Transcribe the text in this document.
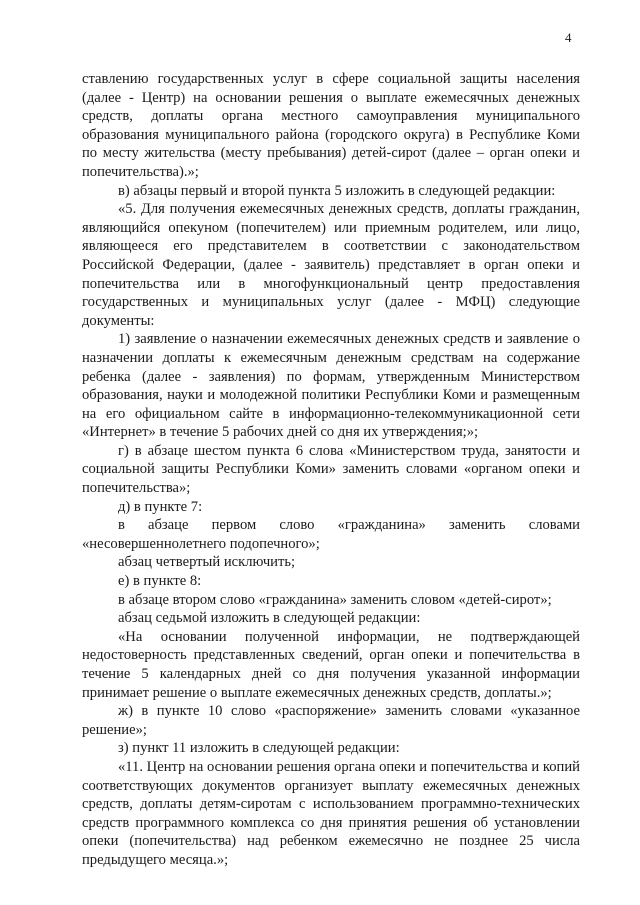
4

ставлению государственных услуг в сфере социальной защиты населения (далее - Центр) на основании решения о выплате ежемесячных денежных средств, доплаты органа местного самоуправления муниципального образования муниципального района (городского округа) в Республике Коми по месту жительства (месту пребывания) детей-сирот (далее – орган опеки и попечительства).»;

в) абзацы первый и второй пункта 5 изложить в следующей редакции:

«5. Для получения ежемесячных денежных средств, доплаты гражданин, являющийся опекуном (попечителем) или приемным родителем, или лицо, являющееся его представителем в соответствии с законодательством Российской Федерации, (далее - заявитель) представляет в орган опеки и попечительства или в многофункциональный центр предоставления государственных и муниципальных услуг (далее - МФЦ) следующие документы:

1) заявление о назначении ежемесячных денежных средств и заявление о назначении доплаты к ежемесячным денежным средствам на содержание ребенка (далее - заявления) по формам, утвержденным Министерством образования, науки и молодежной политики Республики Коми и размещенным на его официальном сайте в информационно-телекоммуникационной сети «Интернет» в течение 5 рабочих дней со дня их утверждения;»;

г) в абзаце шестом пункта 6 слова «Министерством труда, занятости и социальной защиты Республики Коми» заменить словами «органом опеки и попечительства»;

д) в пункте 7:

в абзаце первом слово «гражданина» заменить словами «несовершеннолетнего подопечного»;

абзац четвертый исключить;

е) в пункте 8:

в абзаце втором слово «гражданина» заменить словом «детей-сирот»;

абзац седьмой изложить в следующей редакции:

«На основании полученной информации, не подтверждающей недостоверность представленных сведений, орган опеки и попечительства в течение 5 календарных дней со дня получения указанной информации принимает решение о выплате ежемесячных денежных средств, доплаты.»;

ж) в пункте 10 слово «распоряжение» заменить словами «указанное решение»;

з) пункт 11 изложить в следующей редакции:

«11. Центр на основании решения органа опеки и попечительства и копий соответствующих документов организует выплату ежемесячных денежных средств, доплаты детям-сиротам с использованием программно-технических средств программного комплекса со дня принятия решения об установлении опеки (попечительства) над ребенком ежемесячно не позднее 25 числа предыдущего месяца.»;
